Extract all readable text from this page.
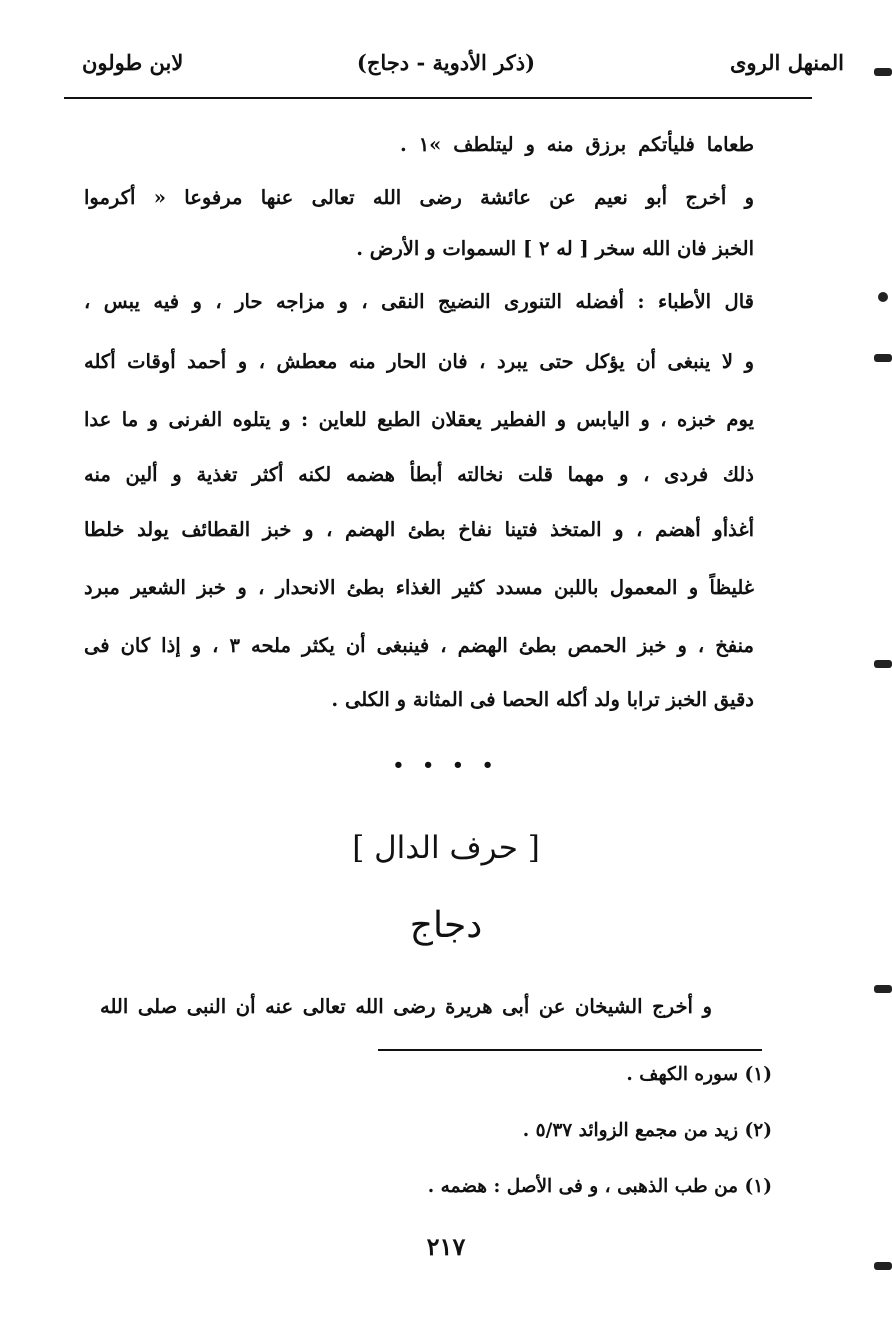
المنهل الروى
(ذكر الأدوية - دجاج)
لابن طولون
طعاما فليأتكم برزق منه و ليتلطف »١ .
و أخرج أبو نعيم عن عائشة رضى الله تعالى عنها مرفوعا « أكرموا
الخبز فان الله سخر [ له ٢ ] السموات و الأرض .
قال الأطباء : أفضله التنورى النضيج النقى ، و مزاجه حار ، و فيه يبس ،
و لا ينبغى أن يؤكل حتى يبرد ، فان الحار منه معطش ، و أحمد أوقات أكله
يوم خبزه ، و اليابس و الفطير يعقلان الطبع للعاين : و يتلوه الفرنى و ما عدا
ذلك فردى ، و مهما قلت نخالته أبطأ هضمه لكنه أكثر تغذية و ألين منه
أغذأو أهضم ، و المتخذ فتينا نفاخ بطئ الهضم ، و خبز القطائف يولد خلطا
غليظاً و المعمول باللبن مسدد كثير الغذاء بطئ الانحدار ، و خبز الشعير مبرد
منفخ ، و خبز الحمص بطئ الهضم ، فينبغى أن يكثر ملحه ٣ ، و إذا كان فى
دقيق الخبز ترابا ولد أكله الحصا فى المثانة و الكلى .
• • • •
[ حرف الدال ]
دجاج
و أخرج الشيخان عن أبى هريرة رضى الله تعالى عنه أن النبى صلى الله
(١) سوره الكهف .
(٢) زيد من مجمع الزوائد ٥/٣٧ .
(١) من طب الذهبى ، و فى الأصل : هضمه .
٢١٧
